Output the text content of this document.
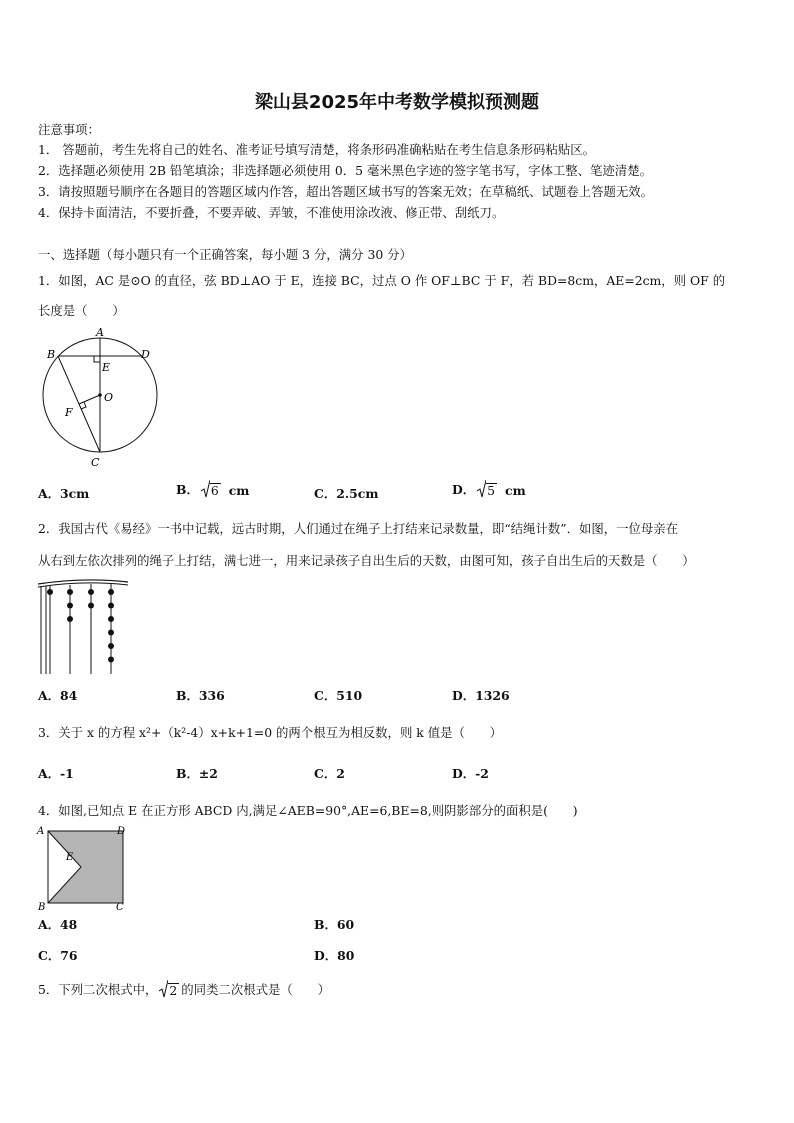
梁山县2025年中考数学模拟预测题
注意事项：
1． 答题前，考生先将自己的姓名、准考证号填写清楚，将条形码准确粘贴在考生信息条形码粘贴区。
2．选择题必须使用 2B 铅笔填涂；非选择题必须使用 0．5 毫米黑色字迹的签字笔书写，字体工整、笔迹清楚。
3．请按照题号顺序在各题目的答题区域内作答，超出答题区域书写的答案无效；在草稿纸、试题卷上答题无效。
4．保持卡面清洁，不要折叠，不要弄破、弄皱，不准使用涂改液、修正带、刮纸刀。
一、选择题（每小题只有一个正确答案，每小题 3 分，满分 30 分）
1．如图，AC 是⊙O 的直径，弦 BD⊥AO 于 E，连接 BC，过点 O 作 OF⊥BC 于 F，若 BD=8cm，AE=2cm，则 OF 的
长度是（　　）
A
B	D
E
O
F
C
A．3cm	B． 6 cm	C．2.5cm	D． 5 cm
2．我国古代《易经》一书中记载，远古时期，人们通过在绳子上打结来记录数量，即“结绳计数”．如图，一位母亲在
从右到左依次排列的绳子上打结，满七进一，用来记录孩子自出生后的天数，由图可知，孩子自出生后的天数是（　　）
A．84	B．336	C．510	D．1326
3．关于 x 的方程 x²+（k²-4）x+k+1=0 的两个根互为相反数，则 k 值是（　　）
A．-1	B．±2	C．2	D．-2
4．如图,已知点 E 在正方形 ABCD 内,满足∠AEB=90°,AE=6,BE=8,则阴影部分的面积是(　　)
A	D
E
B	C
A．48	B．60
C．76	D．80
5．下列二次根式中， 2 的同类二次根式是（　　）
